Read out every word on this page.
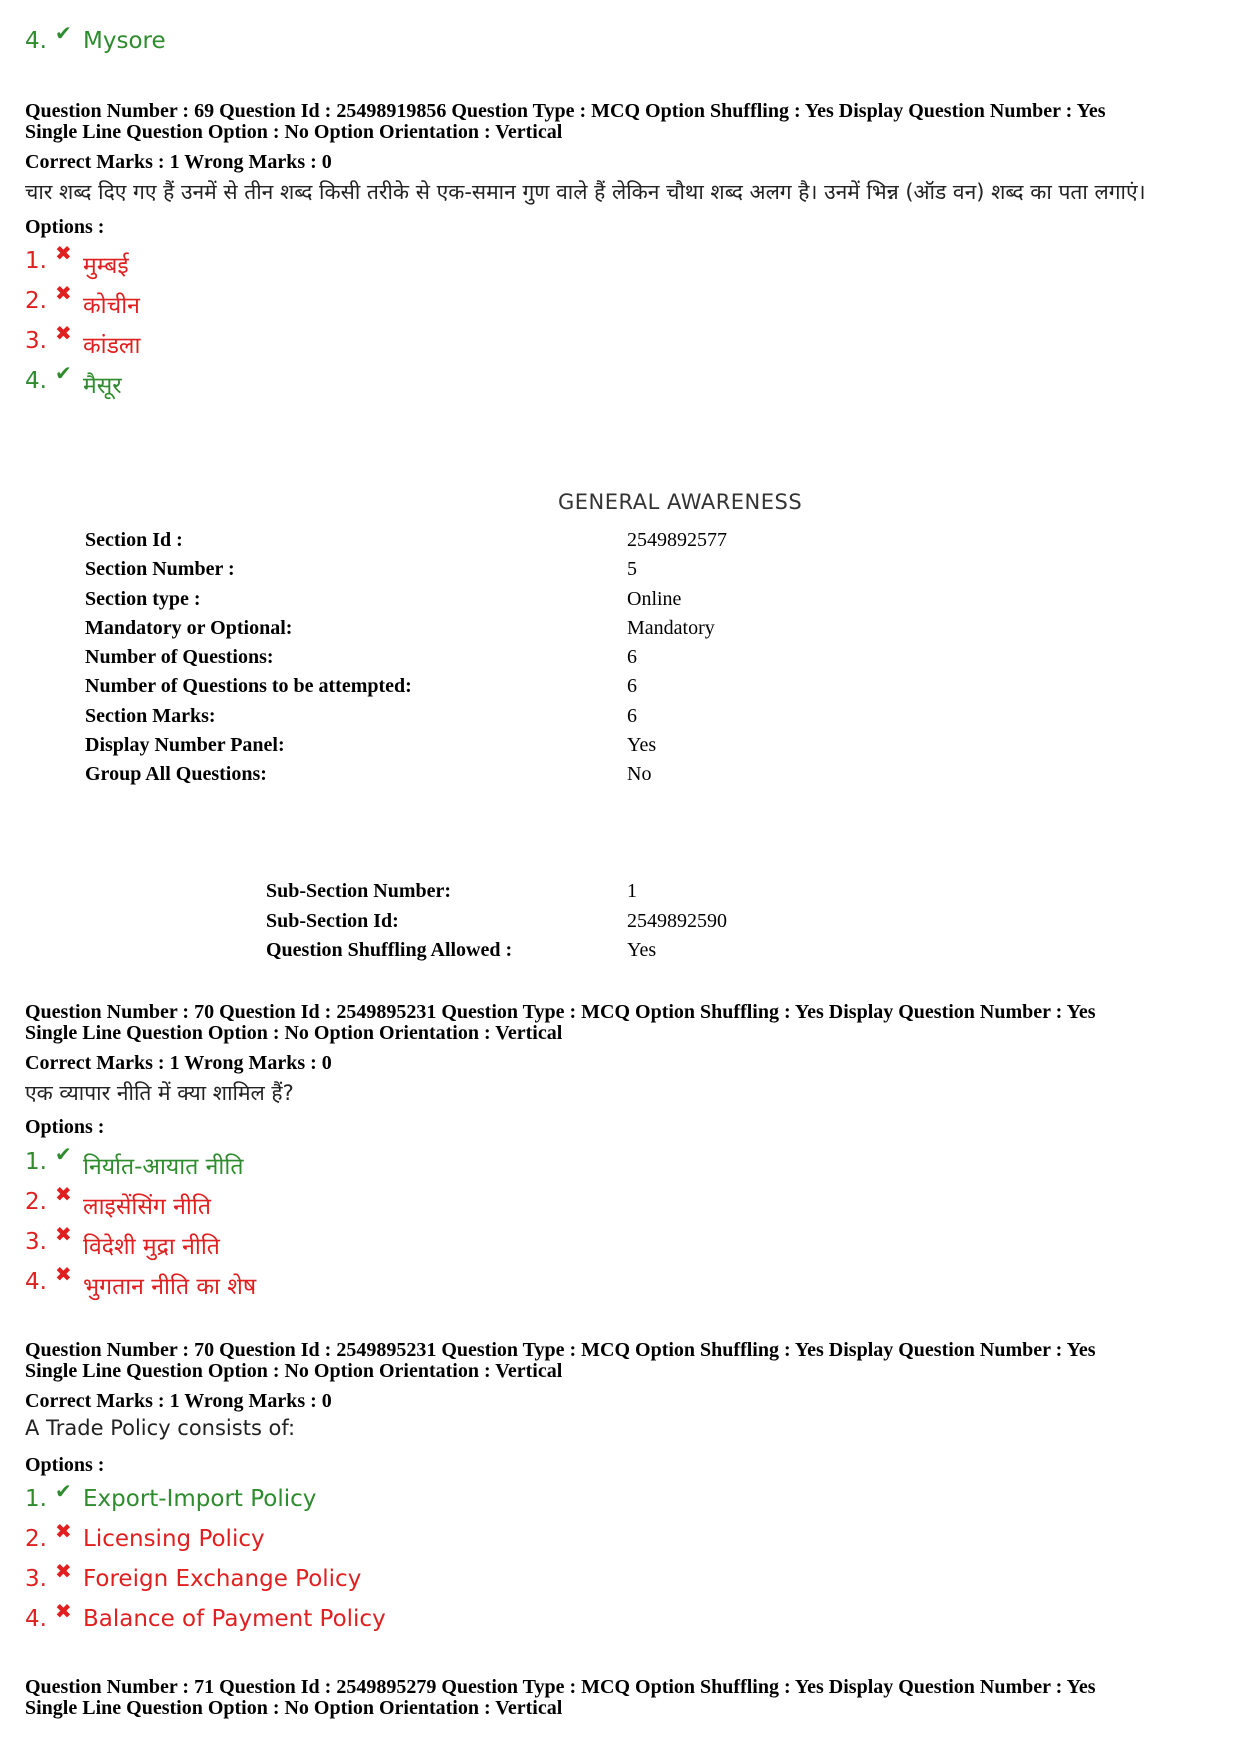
4. ✔ Mysore
Question Number : 69 Question Id : 25498919856 Question Type : MCQ Option Shuffling : Yes Display Question Number : Yes
Single Line Question Option : No Option Orientation : Vertical
Correct Marks : 1 Wrong Marks : 0
चार शब्द दिए गए हैं उनमें से तीन शब्द किसी तरीके से एक-समान गुण वाले हैं लेकिन चौथा शब्द अलग है। उनमें भिन्न (ऑड वन) शब्द का पता लगाएं।
Options :
1. ✖ मुम्बई
2. ✖ कोचीन
3. ✖ कांडला
4. ✔ मैसूर
GENERAL AWARENESS
Section Id :	2549892577
Section Number :	5
Section type :	Online
Mandatory or Optional:	Mandatory
Number of Questions:	6
Number of Questions to be attempted:	6
Section Marks:	6
Display Number Panel:	Yes
Group All Questions:	No
Sub-Section Number:	1
Sub-Section Id:	2549892590
Question Shuffling Allowed :	Yes
Question Number : 70 Question Id : 2549895231 Question Type : MCQ Option Shuffling : Yes Display Question Number : Yes
Single Line Question Option : No Option Orientation : Vertical
Correct Marks : 1 Wrong Marks : 0
एक व्यापार नीति में क्या शामिल हैं?
Options :
1. ✔ निर्यात-आयात नीति
2. ✖ लाइसेंसिंग नीति
3. ✖ विदेशी मुद्रा नीति
4. ✖ भुगतान नीति का शेष
Question Number : 70 Question Id : 2549895231 Question Type : MCQ Option Shuffling : Yes Display Question Number : Yes
Single Line Question Option : No Option Orientation : Vertical
Correct Marks : 1 Wrong Marks : 0
A Trade Policy consists of:
Options :
1. ✔ Export-Import Policy
2. ✖ Licensing Policy
3. ✖ Foreign Exchange Policy
4. ✖ Balance of Payment Policy
Question Number : 71 Question Id : 2549895279 Question Type : MCQ Option Shuffling : Yes Display Question Number : Yes
Single Line Question Option : No Option Orientation : Vertical
